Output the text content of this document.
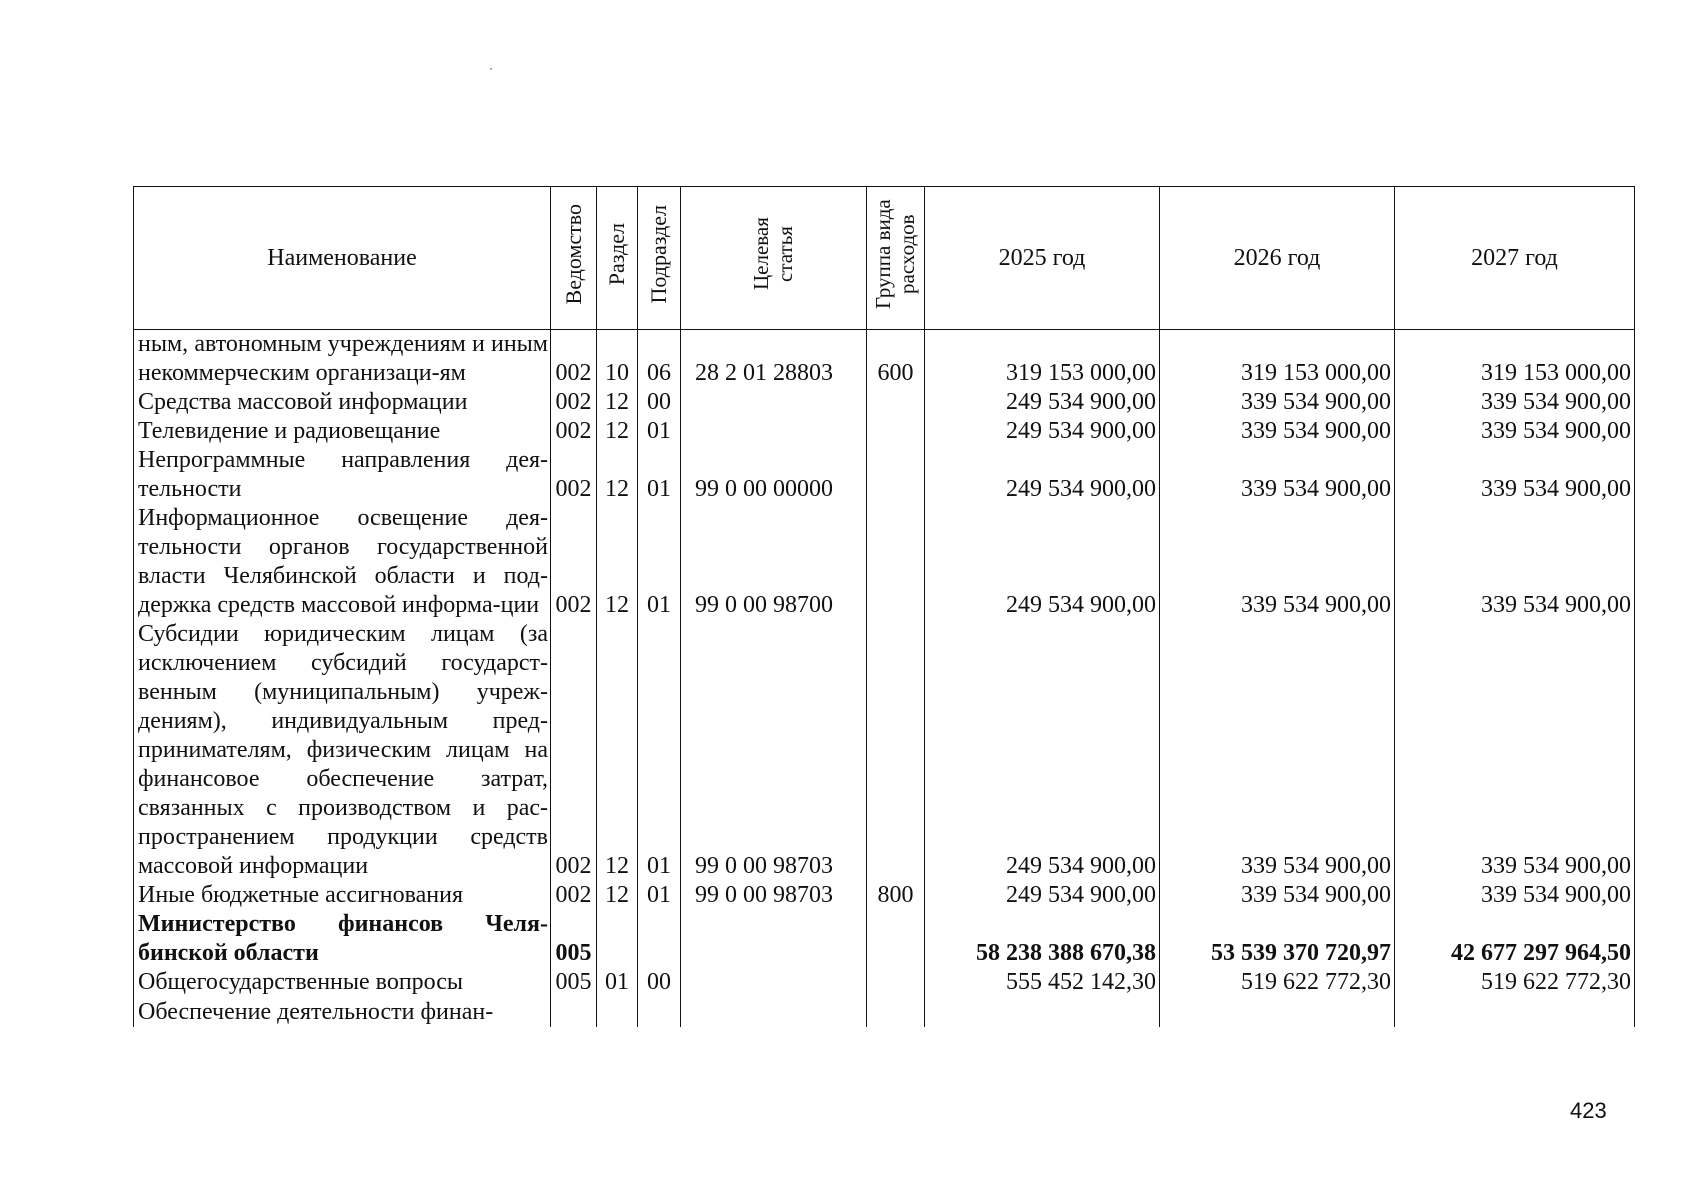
Наименование	Ведомство	Раздел	Подраздел	Целевая статья	Группа вида расходов	2025 год	2026 год	2027 год
ным, автономным учреждениям и иным некоммерческим организаци-ям	002	10	06	28 2 01 28803	600	319 153 000,00	319 153 000,00	319 153 000,00
Средства массовой информации	002	12	00			249 534 900,00	339 534 900,00	339 534 900,00
Телевидение и радиовещание	002	12	01			249 534 900,00	339 534 900,00	339 534 900,00
Непрограммные направления дея-тельности	002	12	01	99 0 00 00000		249 534 900,00	339 534 900,00	339 534 900,00
Информационное освещение дея-тельности органов государственной власти Челябинской области и под-держка средств массовой информа-ции	002	12	01	99 0 00 98700		249 534 900,00	339 534 900,00	339 534 900,00
Субсидии юридическим лицам (за исключением субсидий государст-венным (муниципальным) учреж-дениям), индивидуальным пред-принимателям, физическим лицам на финансовое обеспечение затрат, связанных с производством и рас-пространением продукции средств массовой информации	002	12	01	99 0 00 98703		249 534 900,00	339 534 900,00	339 534 900,00
Иные бюджетные ассигнования	002	12	01	99 0 00 98703	800	249 534 900,00	339 534 900,00	339 534 900,00
Министерство финансов Челя-бинской области	005					58 238 388 670,38	53 539 370 720,97	42 677 297 964,50
Общегосударственные вопросы	005	01	00			555 452 142,30	519 622 772,30	519 622 772,30
Обеспечение деятельности финан-								
423
